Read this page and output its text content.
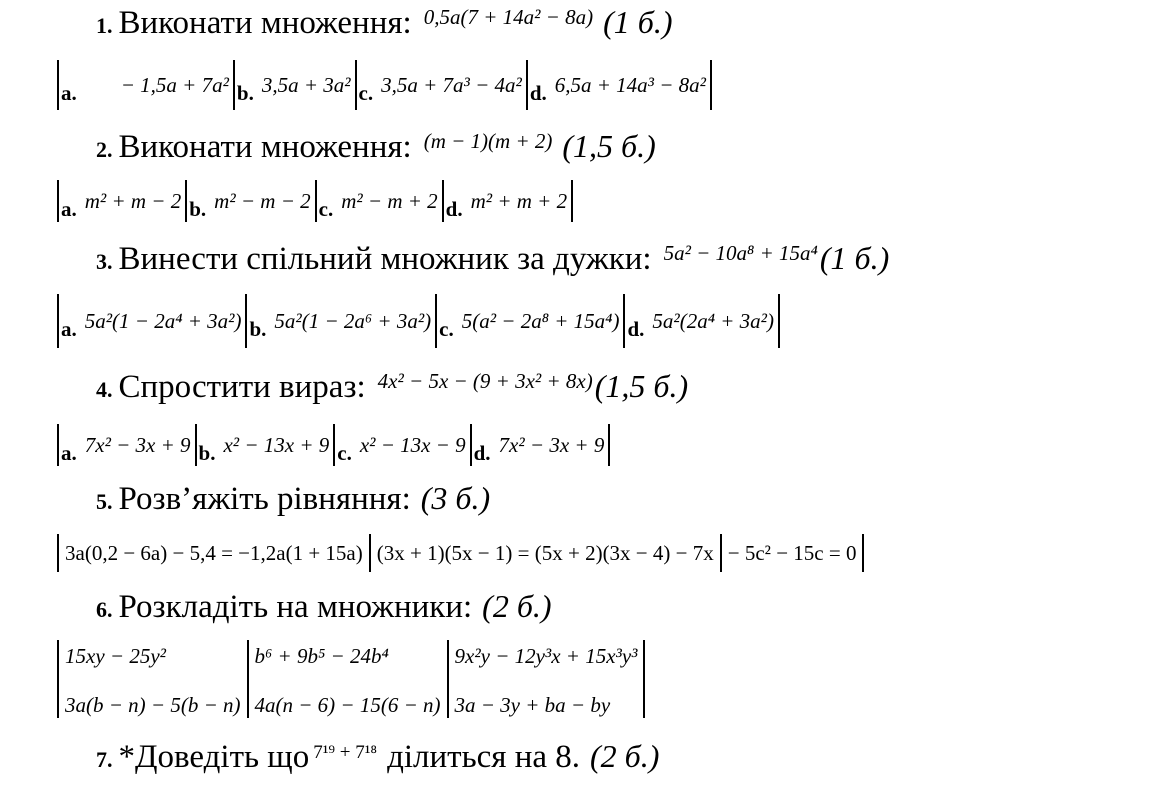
1. Виконати множення: 0,5a(7 + 14a² − 8a) (1 б.)
a. − 1,5a + 7a² b. 3,5a + 3a² c. 3,5a + 7a³ − 4a² d. 6,5a + 14a³ − 8a²
2. Виконати множення: (m − 1)(m + 2) (1,5 б.)
a. m² + m − 2 b. m² − m − 2 c. m² − m + 2 d. m² + m + 2
3. Винести спільний множник за дужки: 5a² − 10a⁸ + 15a⁴ (1 б.)
a. 5a²(1 − 2a⁴ + 3a²) b. 5a²(1 − 2a⁶ + 3a²) c. 5(a² − 2a⁸ + 15a⁴) d. 5a²(2a⁴ + 3a²)
4. Спростити вираз: 4x² − 5x − (9 + 3x² + 8x) (1,5 б.)
a. 7x² − 3x + 9 b. x² − 13x + 9 c. x² − 13x − 9 d. 7x² − 3x + 9
5. Розв’яжіть рівняння: (3 б.)
3a(0,2 − 6a) − 5,4 = −1,2a(1 + 15a) (3x + 1)(5x − 1) = (5x + 2)(3x − 4) − 7x − 5c² − 15c = 0
6. Розкладіть на множники: (2 б.)
15xy − 25y²
3a(b − n) − 5(b − n)
b⁶ + 9b⁵ − 24b⁴
4a(n − 6) − 15(6 − n)
9x²y − 12y³x + 15x³y³
3a − 3y + ba − by
7. *Доведіть що 7¹⁹ + 7¹⁸ ділиться на 8. (2 б.)
